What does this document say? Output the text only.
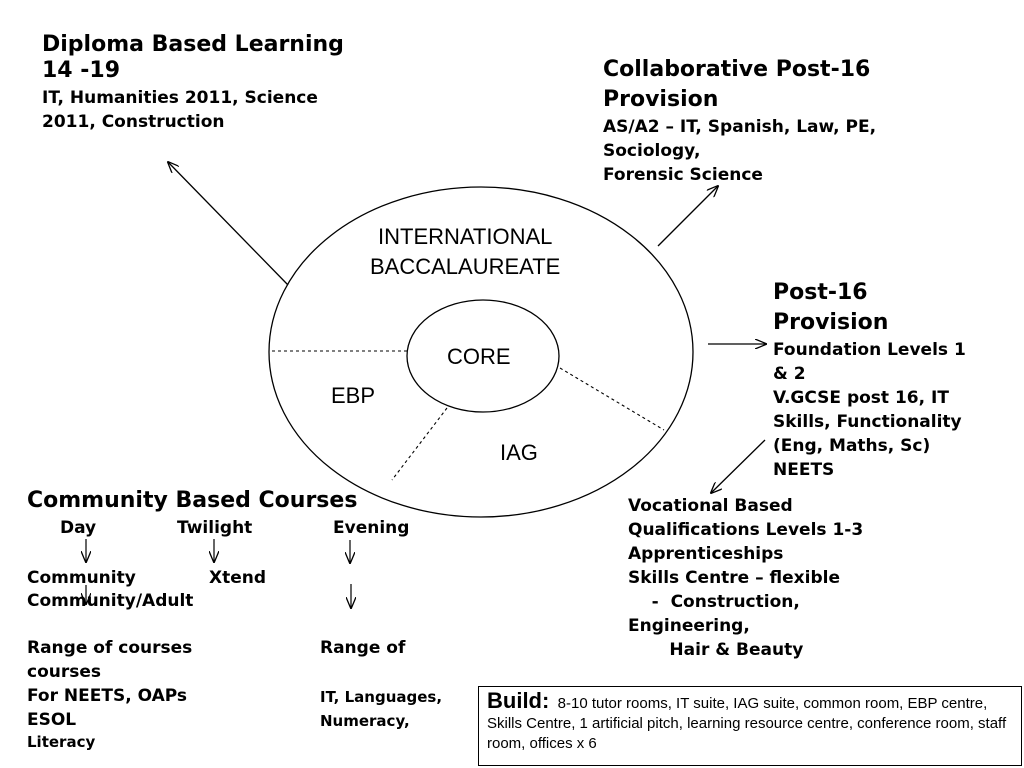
Diploma Based Learning
14 -19
IT, Humanities 2011, Science
2011, Construction
Collaborative Post-16
Provision
AS/A2 – IT, Spanish, Law, PE,
Sociology,
Forensic Science
Post-16
Provision
Foundation Levels 1
& 2
V.GCSE post 16, IT
Skills, Functionality
(Eng, Maths, Sc)
NEETS
Vocational Based
Qualifications Levels 1-3
Apprenticeships
Skills Centre – flexible
-  Construction,
Engineering,
Hair & Beauty
INTERNATIONAL
BACCALAUREATE
CORE
EBP
IAG
Community Based Courses
Day	Twilight	Evening
Community	Xtend
Community/Adult
Range of courses	Range of
courses
For NEETS, OAPs	IT, Languages,
ESOL	Numeracy,
Literacy
Build: 8-10 tutor rooms, IT suite, IAG suite, common room, EBP centre, Skills Centre, 1 artificial pitch, learning resource centre, conference room, staff room, offices x 6
